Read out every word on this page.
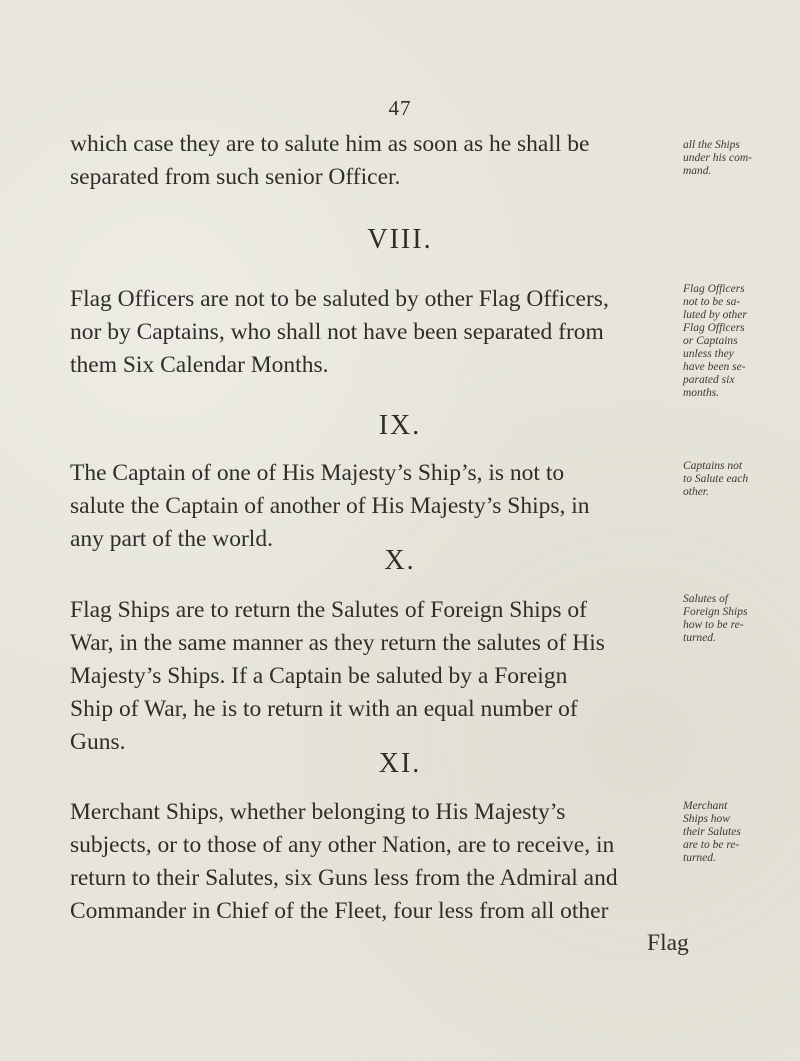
47
which case they are to salute him as soon as he shall be
separated from such senior Officer.
all the Ships
under his com-
mand.
VIII.
Flag Officers are not to be saluted by other Flag Officers,
nor by Captains, who shall not have been separated from
them Six Calendar Months.
Flag Officers
not to be sa-
luted by other
Flag Officers
or Captains
unless they
have been se-
parated six
months.
IX.
The Captain of one of His Majesty’s Ship’s, is not to
salute the Captain of another of His Majesty’s Ships, in
any part of the world.
Captains not
to Salute each
other.
X.
Flag Ships are to return the Salutes of Foreign Ships of
War, in the same manner as they return the salutes of His
Majesty’s Ships. If a Captain be saluted by a Foreign
Ship of War, he is to return it with an equal number of
Guns.
Salutes of
Foreign Ships
how to be re-
turned.
XI.
Merchant Ships, whether belonging to His Majesty’s
subjects, or to those of any other Nation, are to receive, in
return to their Salutes, six Guns less from the Admiral and
Commander in Chief of the Fleet, four less from all other
Merchant
Ships how
their Salutes
are to be re-
turned.
Flag
